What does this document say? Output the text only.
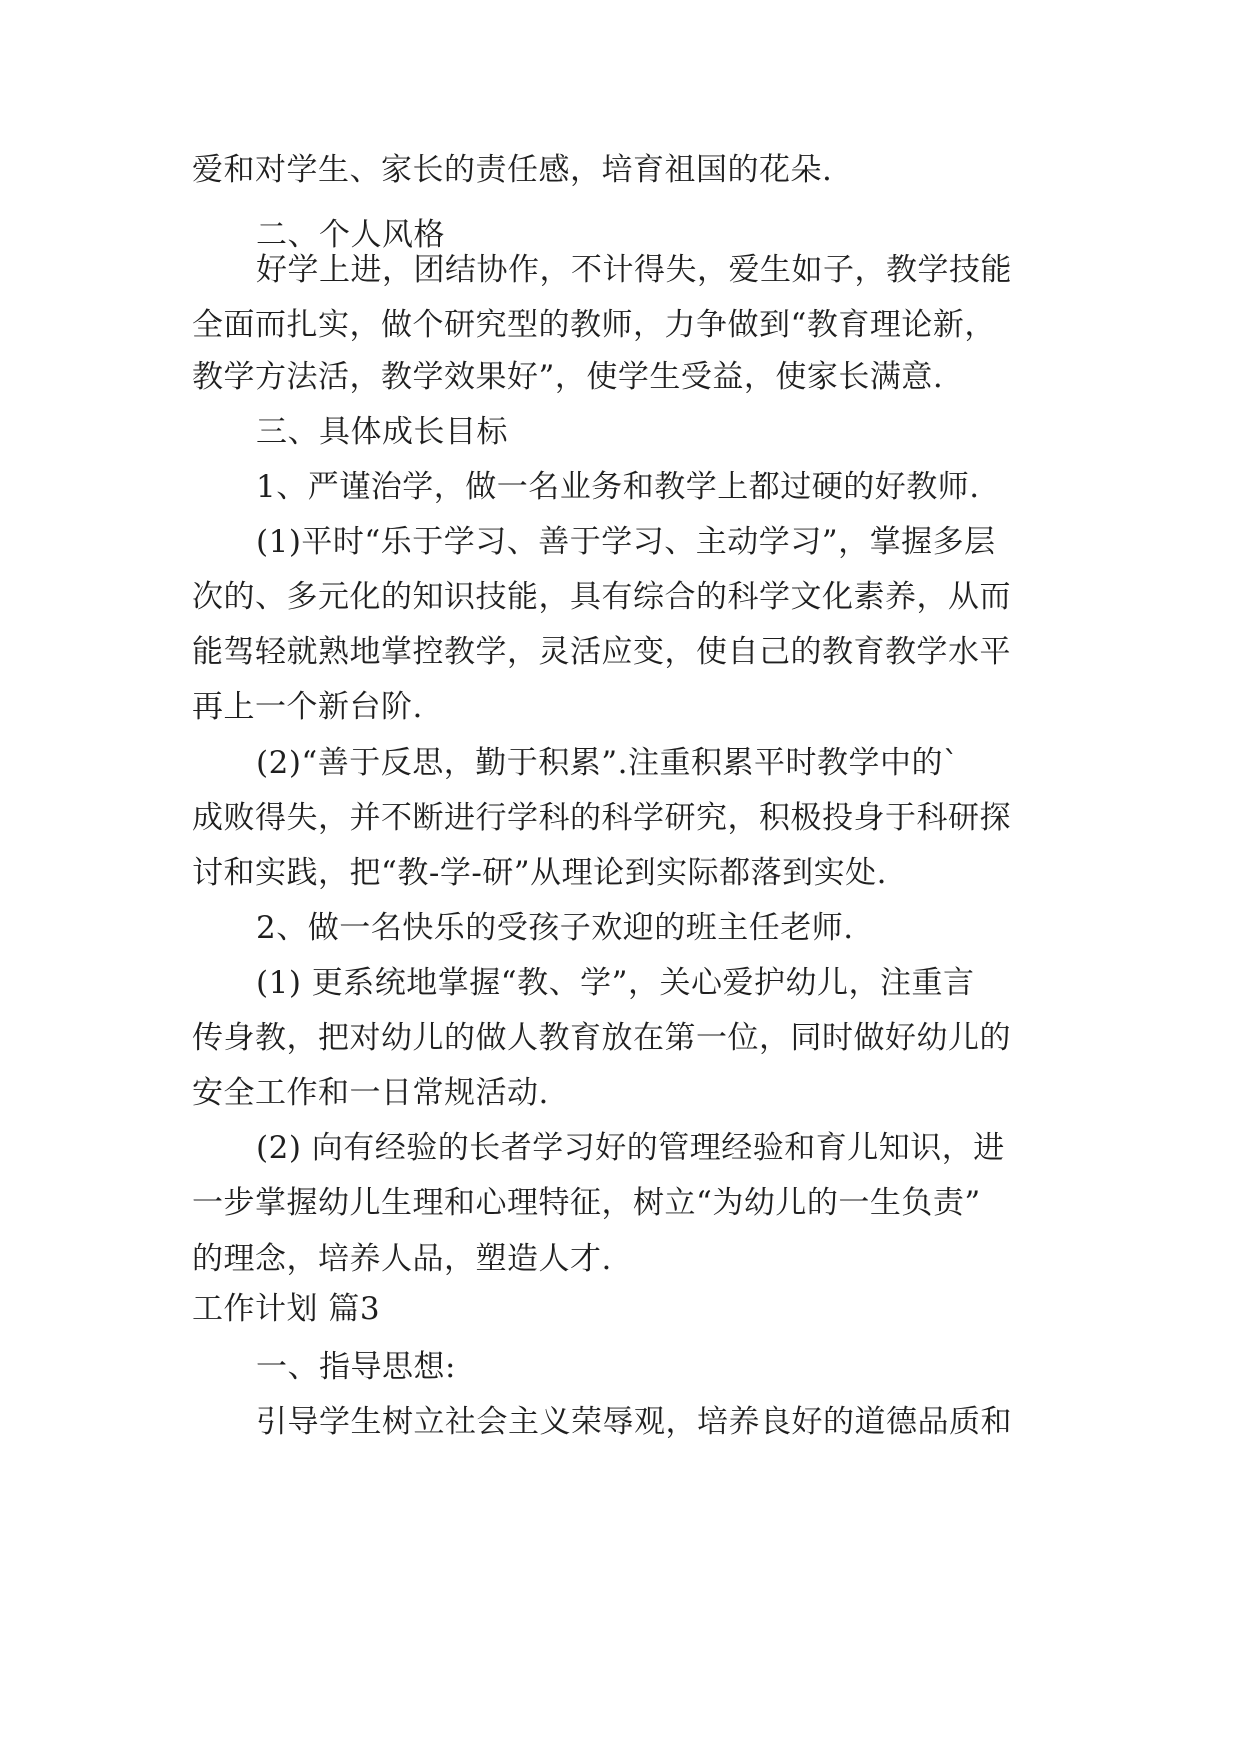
爱和对学生、家长的责任感，培育祖国的花朵.

二、个人风格

好学上进，团结协作，不计得失，爱生如子，教学技能

全面而扎实，做个研究型的教师，力争做到“教育理论新，

教学方法活，教学效果好”，使学生受益，使家长满意.

三、具体成长目标

1、严谨治学，做一名业务和教学上都过硬的好教师.

(1)平时“乐于学习、善于学习、主动学习”，掌握多层

次的、多元化的知识技能，具有综合的科学文化素养，从而

能驾轻就熟地掌控教学，灵活应变，使自己的教育教学水平

再上一个新台阶.

(2)“善于反思，勤于积累”.注重积累平时教学中的`

成败得失，并不断进行学科的科学研究，积极投身于科研探

讨和实践，把“教-学-研”从理论到实际都落到实处.

2、做一名快乐的受孩子欢迎的班主任老师.

(1) 更系统地掌握“教、学”，关心爱护幼儿，注重言

传身教，把对幼儿的做人教育放在第一位，同时做好幼儿的

安全工作和一日常规活动.

(2) 向有经验的长者学习好的管理经验和育儿知识，进

一步掌握幼儿生理和心理特征，树立“为幼儿的一生负责”

的理念，培养人品，塑造人才.

工作计划 篇3

一、指导思想:

引导学生树立社会主义荣辱观，培养良好的道德品质和
